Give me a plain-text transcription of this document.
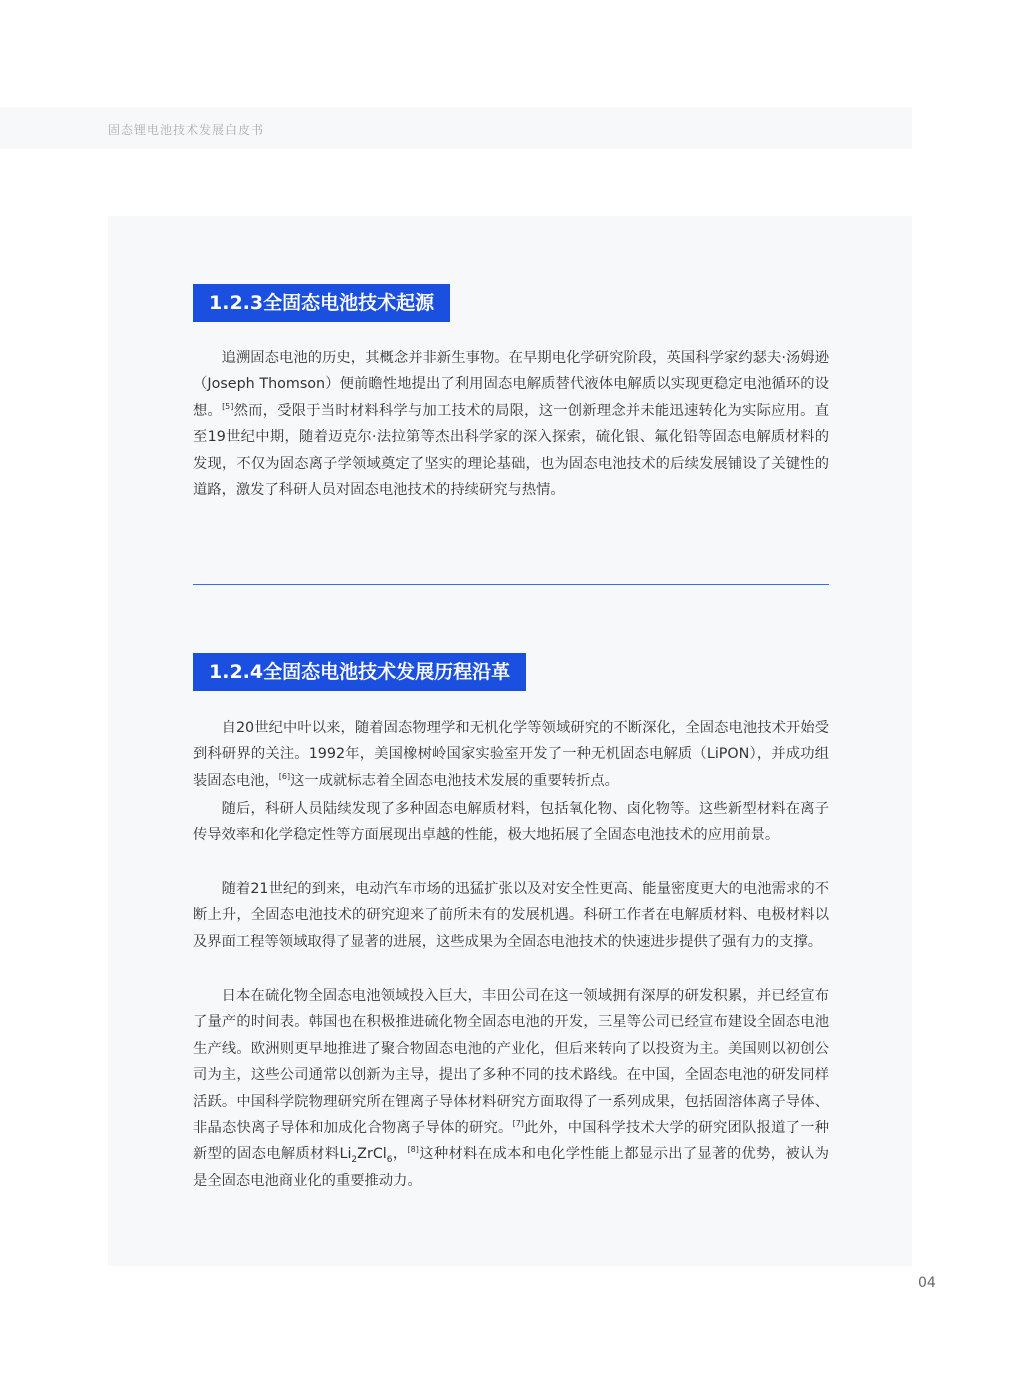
固态锂电池技术发展白皮书
1.2.3全固态电池技术起源

追溯固态电池的历史，其概念并非新生事物。在早期电化学研究阶段，英国科学家约瑟夫·汤姆逊（Joseph Thomson）便前瞻性地提出了利用固态电解质替代液体电解质以实现更稳定电池循环的设想。[5]然而，受限于当时材料科学与加工技术的局限，这一创新理念并未能迅速转化为实际应用。直至19世纪中期，随着迈克尔·法拉第等杰出科学家的深入探索，硫化银、氟化铅等固态电解质材料的发现，不仅为固态离子学领域奠定了坚实的理论基础，也为固态电池技术的后续发展铺设了关键性的道路，激发了科研人员对固态电池技术的持续研究与热情。

1.2.4全固态电池技术发展历程沿革

自20世纪中叶以来，随着固态物理学和无机化学等领域研究的不断深化，全固态电池技术开始受到科研界的关注。1992年，美国橡树岭国家实验室开发了一种无机固态电解质（LiPON），并成功组装固态电池，[6]这一成就标志着全固态电池技术发展的重要转折点。

随后，科研人员陆续发现了多种固态电解质材料，包括氧化物、卤化物等。这些新型材料在离子传导效率和化学稳定性等方面展现出卓越的性能，极大地拓展了全固态电池技术的应用前景。

随着21世纪的到来，电动汽车市场的迅猛扩张以及对安全性更高、能量密度更大的电池需求的不断上升，全固态电池技术的研究迎来了前所未有的发展机遇。科研工作者在电解质材料、电极材料以及界面工程等领域取得了显著的进展，这些成果为全固态电池技术的快速进步提供了强有力的支撑。

日本在硫化物全固态电池领域投入巨大，丰田公司在这一领域拥有深厚的研发积累，并已经宣布了量产的时间表。韩国也在积极推进硫化物全固态电池的开发，三星等公司已经宣布建设全固态电池生产线。欧洲则更早地推进了聚合物固态电池的产业化，但后来转向了以投资为主。美国则以初创公司为主，这些公司通常以创新为主导，提出了多种不同的技术路线。在中国，全固态电池的研发同样活跃。中国科学院物理研究所在锂离子导体材料研究方面取得了一系列成果，包括固溶体离子导体、非晶态快离子导体和加成化合物离子导体的研究。[7]此外，中国科学技术大学的研究团队报道了一种新型的固态电解质材料$Li_2ZrCl_6$，[8]这种材料在成本和电化学性能上都显示出了显著的优势，被认为是全固态电池商业化的重要推动力。

04
